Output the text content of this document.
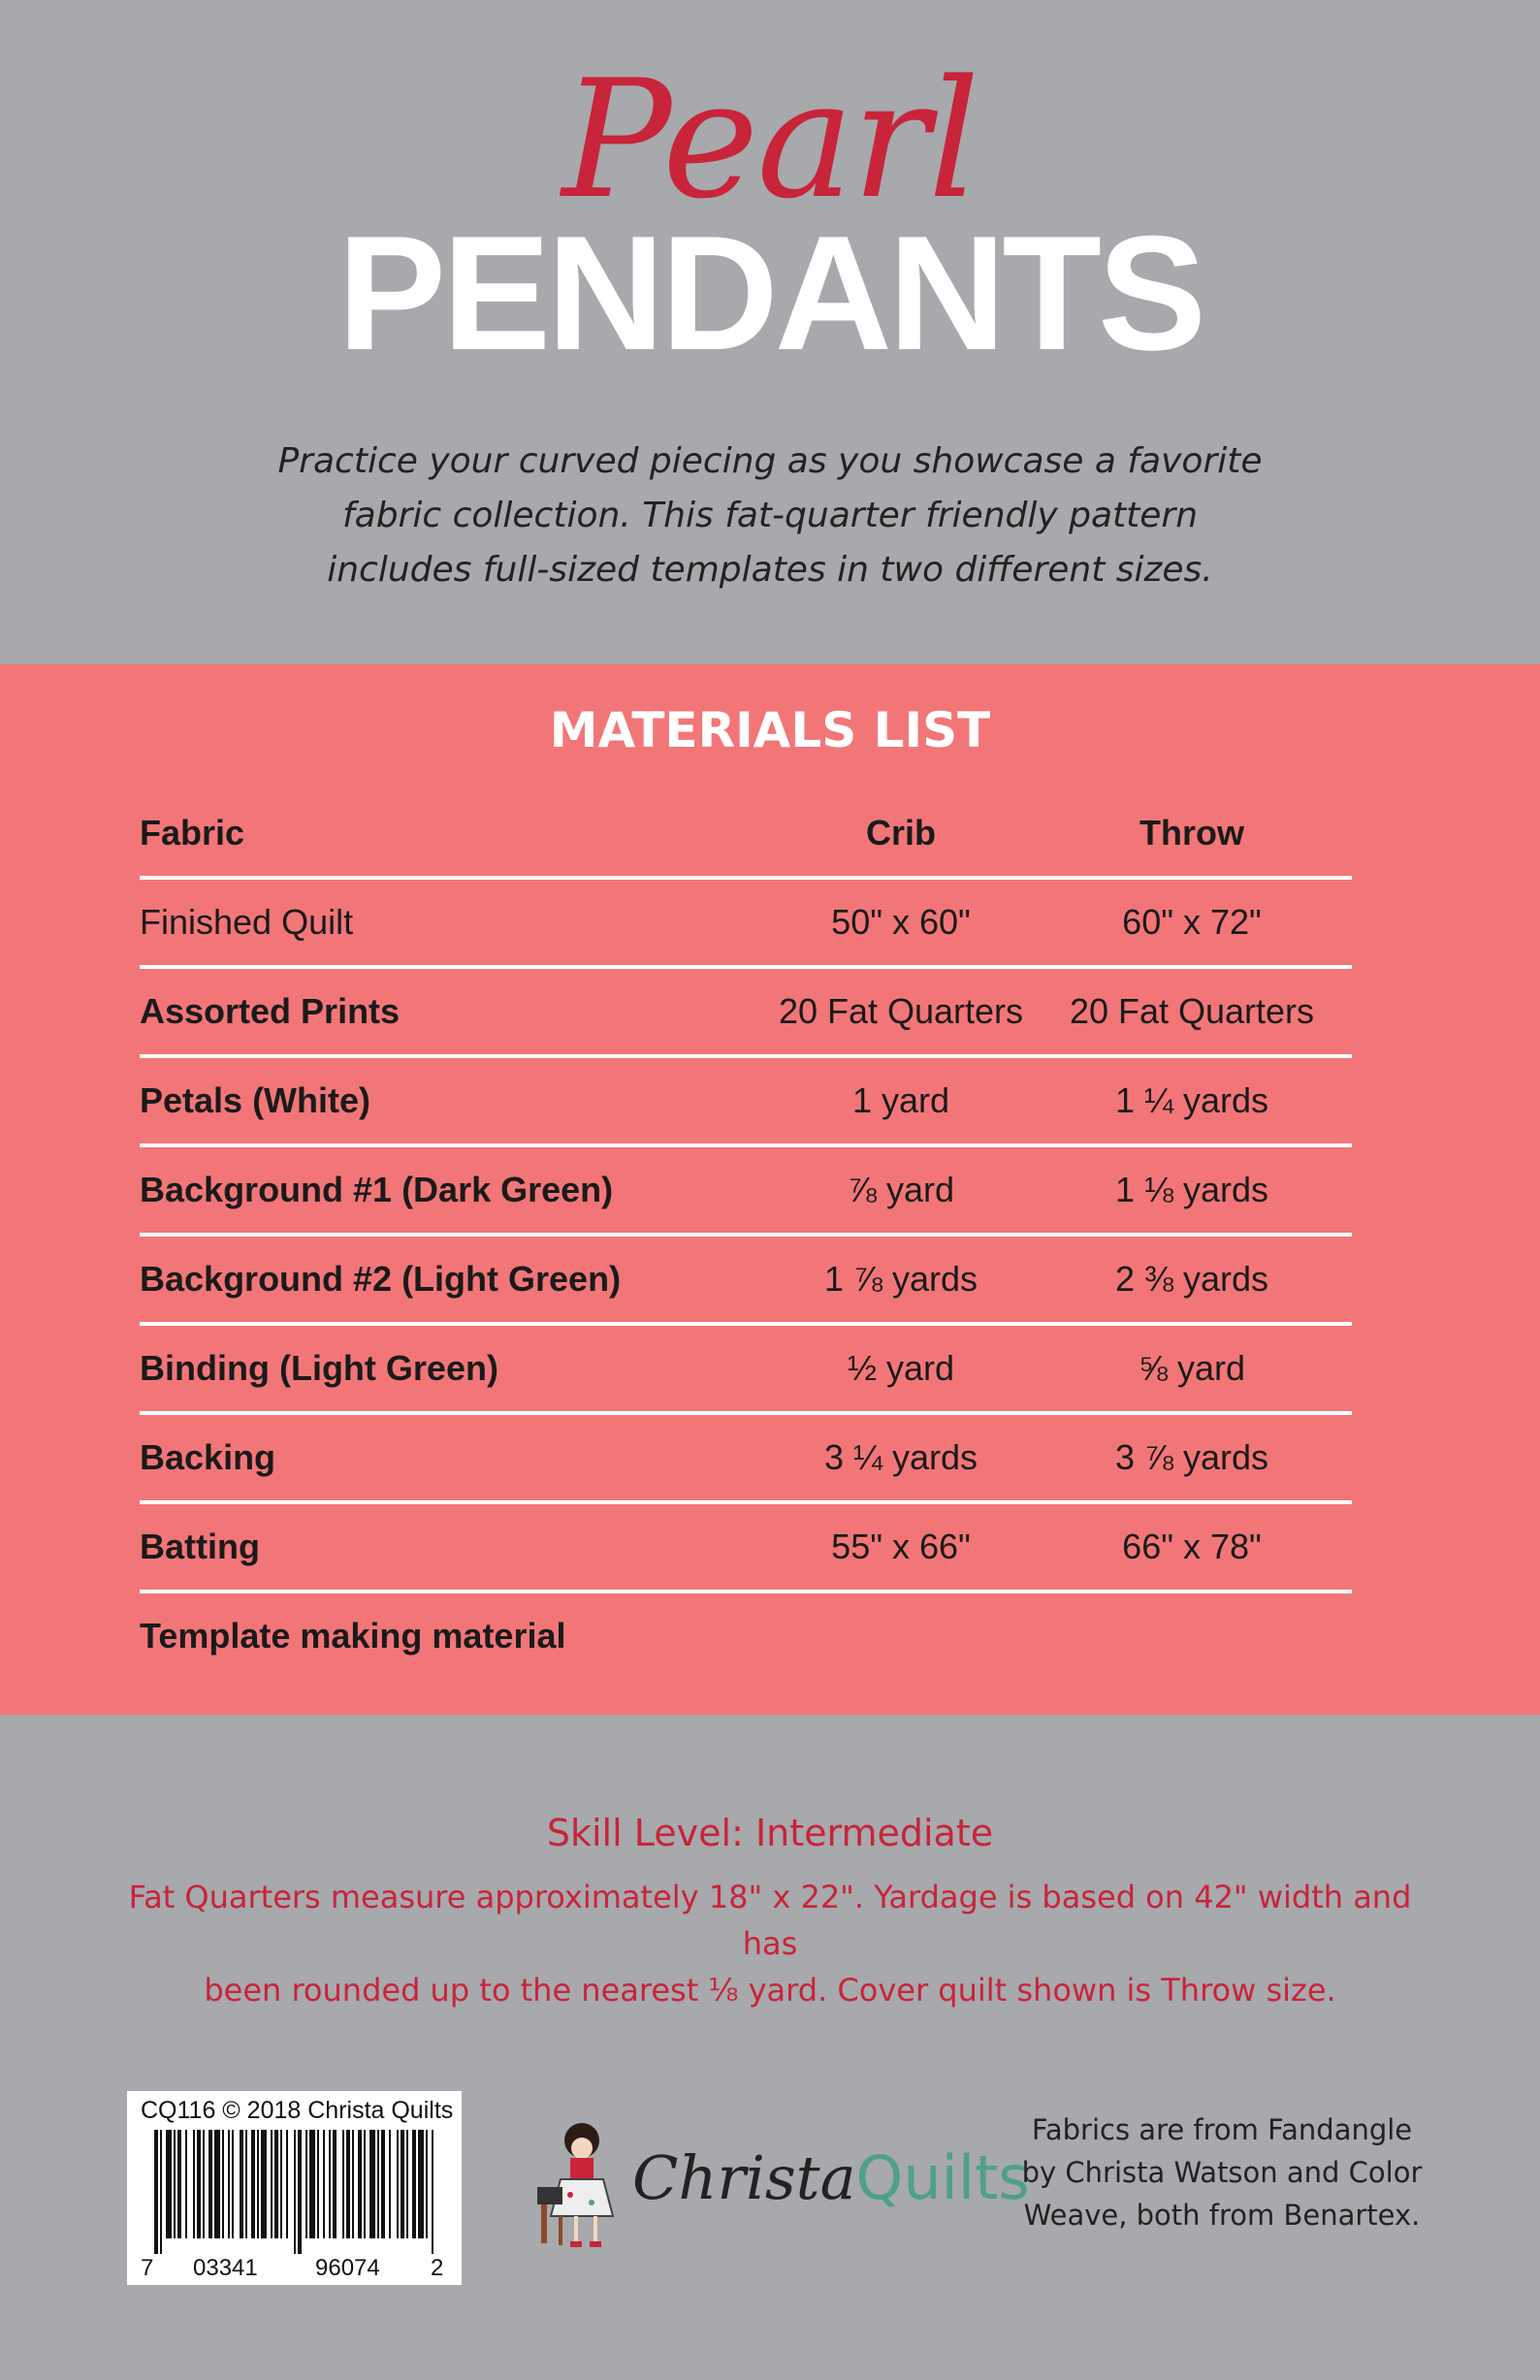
Pearl
PENDANTS
Practice your curved piecing as you showcase a favorite
fabric collection. This fat-quarter friendly pattern
includes full-sized templates in two different sizes.
MATERIALS LIST
Fabric	Crib	Throw
Finished Quilt	50" x 60"	60" x 72"
Assorted Prints	20 Fat Quarters	20 Fat Quarters
Petals (White)	1 yard	1 ¼ yards
Background #1 (Dark Green)	⅞ yard	1 ⅛ yards
Background #2 (Light Green)	1 ⅞ yards	2 ⅜ yards
Binding (Light Green)	½ yard	⅝ yard
Backing	3 ¼ yards	3 ⅞ yards
Batting	55" x 66"	66" x 78"
Template making material
Skill Level: Intermediate
Fat Quarters measure approximately 18" x 22". Yardage is based on 42" width and has
been rounded up to the nearest ⅛ yard. Cover quilt shown is Throw size.
CQ116 © 2018 Christa Quilts
7 03341 96074 2
ChristaQuilts
Fabrics are from Fandangle
by Christa Watson and Color
Weave, both from Benartex.
